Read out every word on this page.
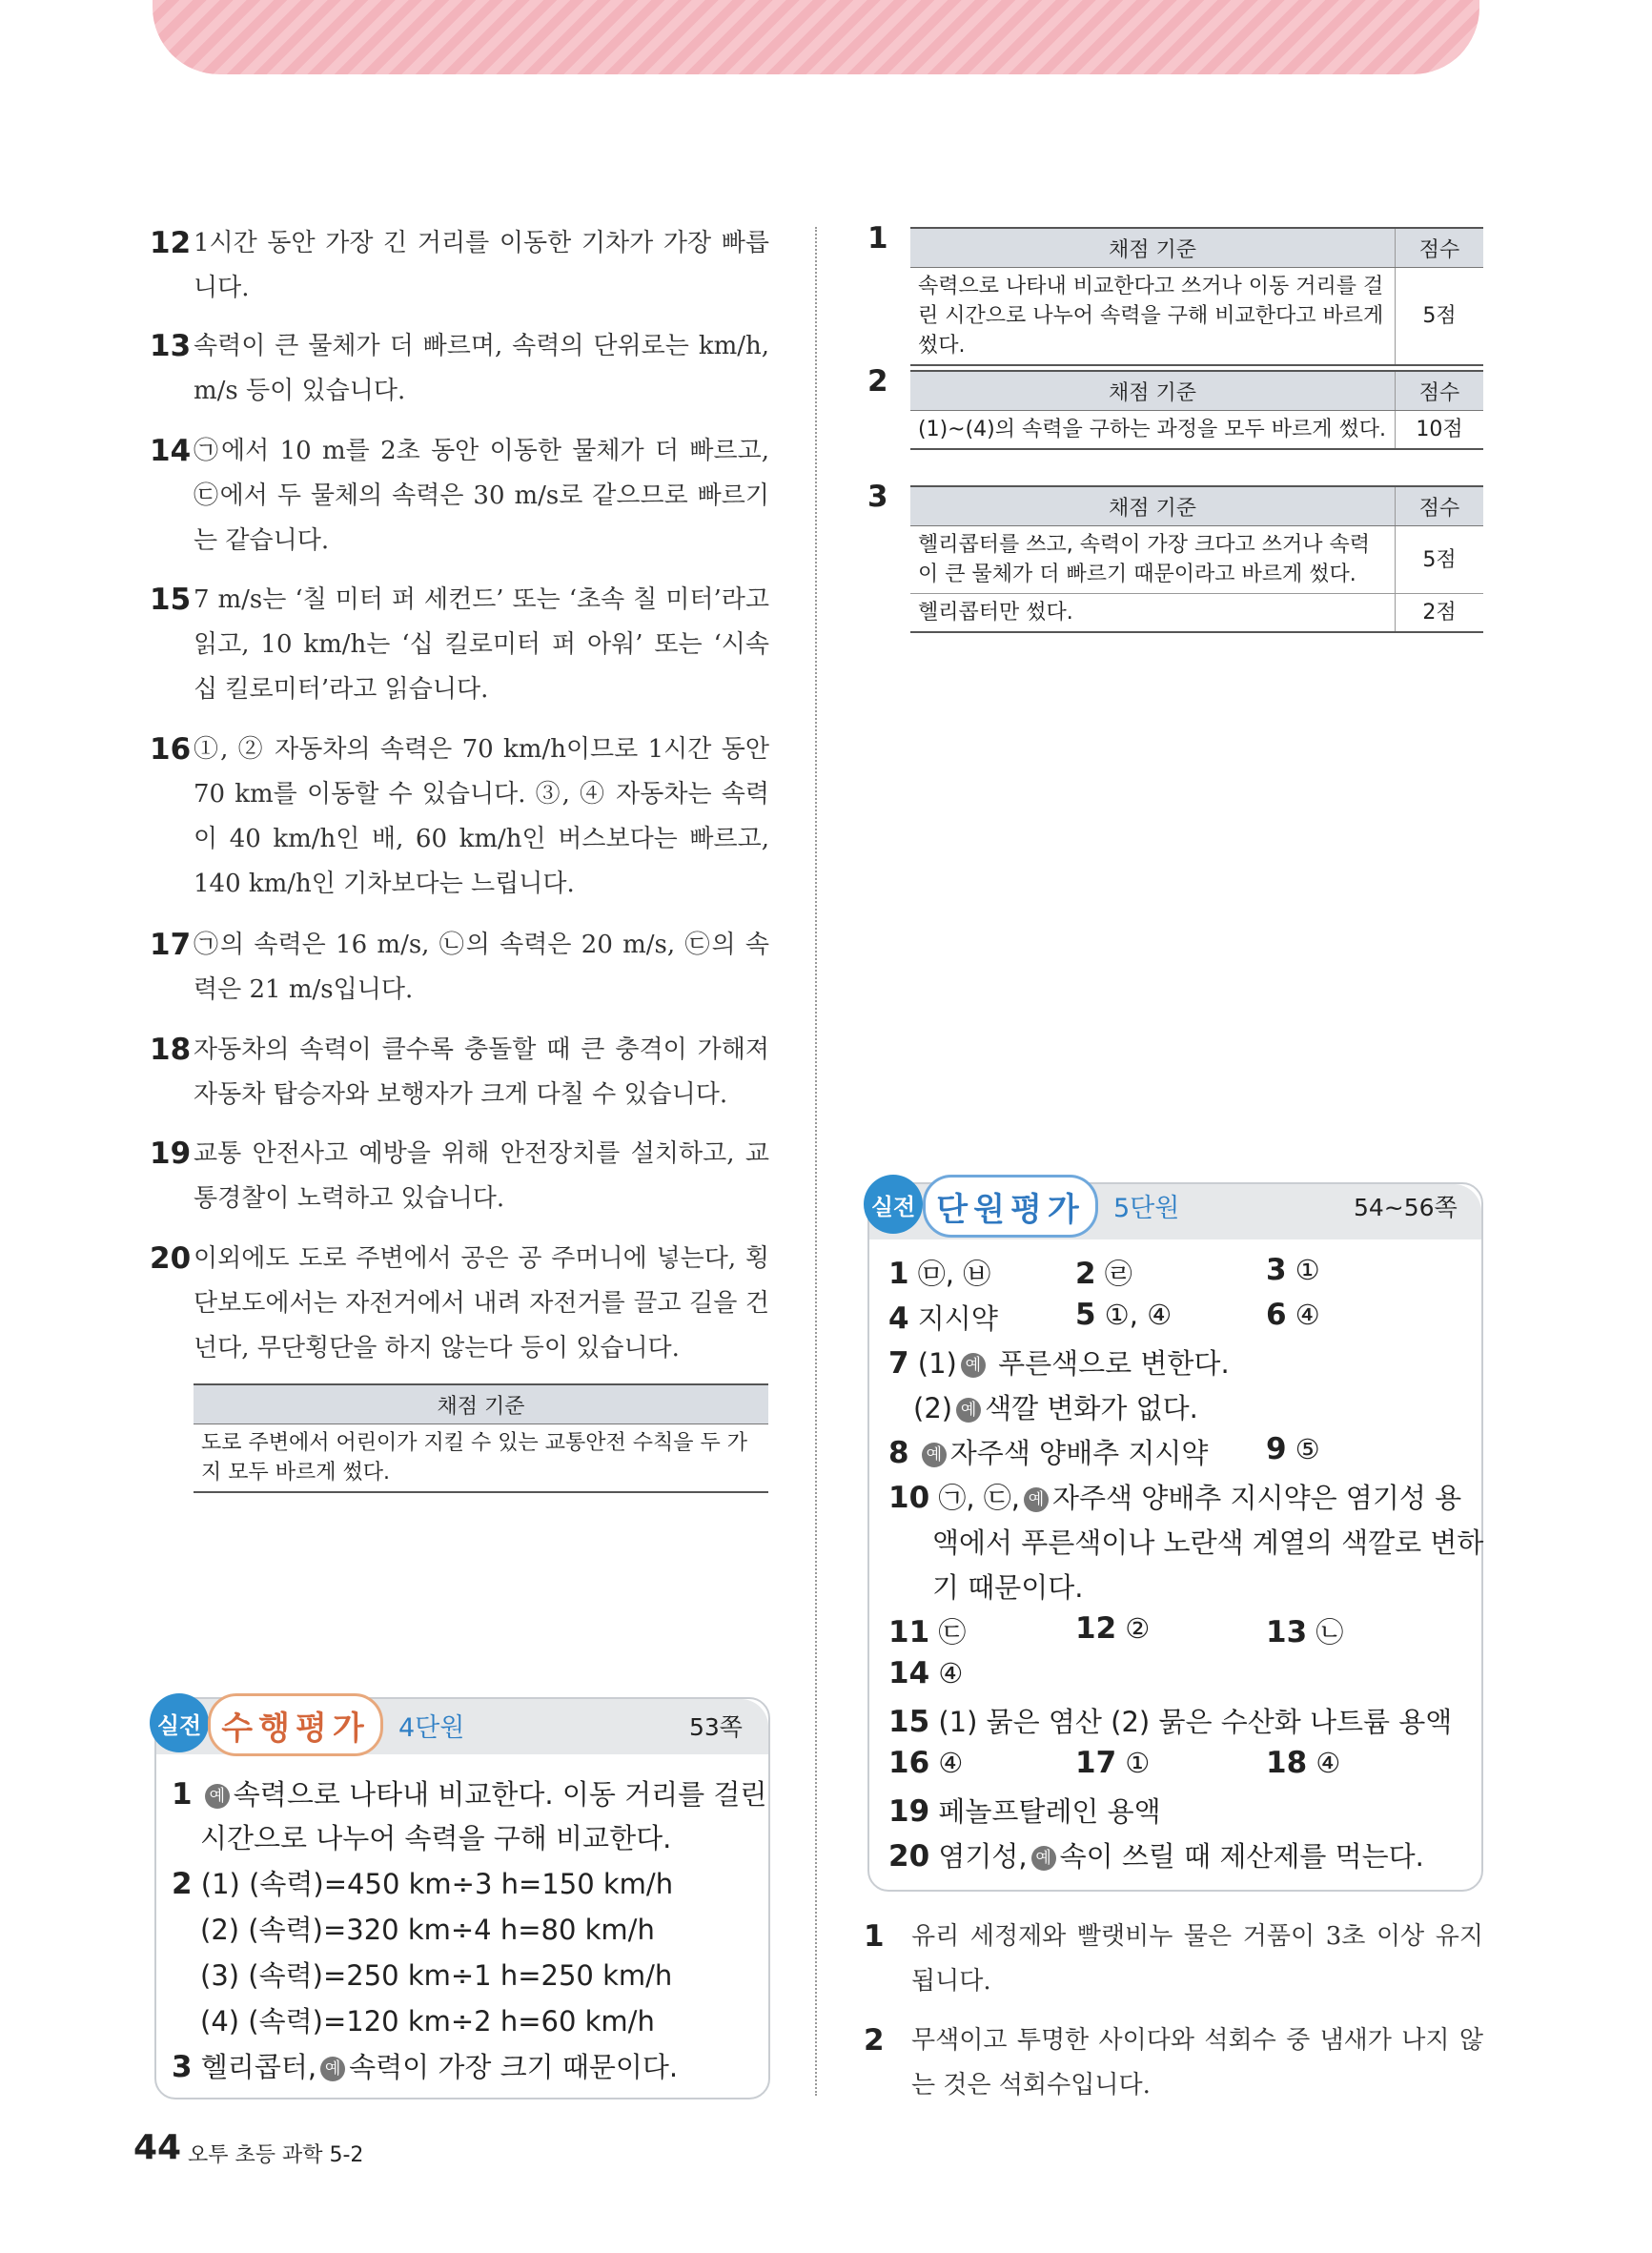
12 1시간 동안 가장 긴 거리를 이동한 기차가 가장 빠릅니다.
13 속력이 큰 물체가 더 빠르며, 속력의 단위로는 km/h, m/s 등이 있습니다.
14 ㉠에서 10 m를 2초 동안 이동한 물체가 더 빠르고, ㉢에서 두 물체의 속력은 30 m/s로 같으므로 빠르기는 같습니다.
15 7 m/s는 ‘칠 미터 퍼 세컨드’ 또는 ‘초속 칠 미터’라고 읽고, 10 km/h는 ‘십 킬로미터 퍼 아워’ 또는 ‘시속 십 킬로미터’라고 읽습니다.
16 ①, ② 자동차의 속력은 70 km/h이므로 1시간 동안 70 km를 이동할 수 있습니다. ③, ④ 자동차는 속력이 40 km/h인 배, 60 km/h인 버스보다는 빠르고, 140 km/h인 기차보다는 느립니다.
17 ㉠의 속력은 16 m/s, ㉡의 속력은 20 m/s, ㉢의 속력은 21 m/s입니다.
18 자동차의 속력이 클수록 충돌할 때 큰 충격이 가해져 자동차 탑승자와 보행자가 크게 다칠 수 있습니다.
19 교통 안전사고 예방을 위해 안전장치를 설치하고, 교통경찰이 노력하고 있습니다.
20 이외에도 도로 주변에서 공은 공 주머니에 넣는다, 횡단보도에서는 자전거에서 내려 자전거를 끌고 길을 건넌다, 무단횡단을 하지 않는다 등이 있습니다.
채점 기준
도로 주변에서 어린이가 지킬 수 있는 교통안전 수칙을 두 가지 모두 바르게 썼다.
1	채점 기준	점수
속력으로 나타내 비교한다고 쓰거나 이동 거리를 걸린 시간으로 나누어 속력을 구해 비교한다고 바르게 썼다.	5점
2	채점 기준	점수
(1)~(4)의 속력을 구하는 과정을 모두 바르게 썼다.	10점
3	채점 기준	점수
헬리콥터를 쓰고, 속력이 가장 크다고 쓰거나 속력이 큰 물체가 더 빠르기 때문이라고 바르게 썼다.	5점
헬리콥터만 썼다.	2점
실전 수행평가	4단원	53쪽
1 예 속력으로 나타내 비교한다. 이동 거리를 걸린
시간으로 나누어 속력을 구해 비교한다.
2 (1) (속력)=450 km÷3 h=150 km/h
(2) (속력)=320 km÷4 h=80 km/h
(3) (속력)=250 km÷1 h=250 km/h
(4) (속력)=120 km÷2 h=60 km/h
3 헬리콥터, 예 속력이 가장 크기 때문이다.
실전 단원평가	5단원	54~56쪽
1 ㉤, ㉥	2 ㉣	3 ①
4 지시약	5 ①, ④	6 ④
7 (1) 예 푸른색으로 변한다.
(2) 예 색깔 변화가 없다.
8 예 자주색 양배추 지시약 9 ⑤
10 ㉠, ㉢, 예 자주색 양배추 지시약은 염기성 용
액에서 푸른색이나 노란색 계열의 색깔로 변하
기 때문이다.
11 ㉢	12 ②	13 ㉡
14 ④
15 (1) 묽은 염산 (2) 묽은 수산화 나트륨 용액
16 ④	17 ①	18 ④
19 페놀프탈레인 용액
20 염기성, 예 속이 쓰릴 때 제산제를 먹는다.
1 유리 세정제와 빨랫비누 물은 거품이 3초 이상 유지됩니다.
2 무색이고 투명한 사이다와 석회수 중 냄새가 나지 않는 것은 석회수입니다.
44 오투 초등 과학 5-2
